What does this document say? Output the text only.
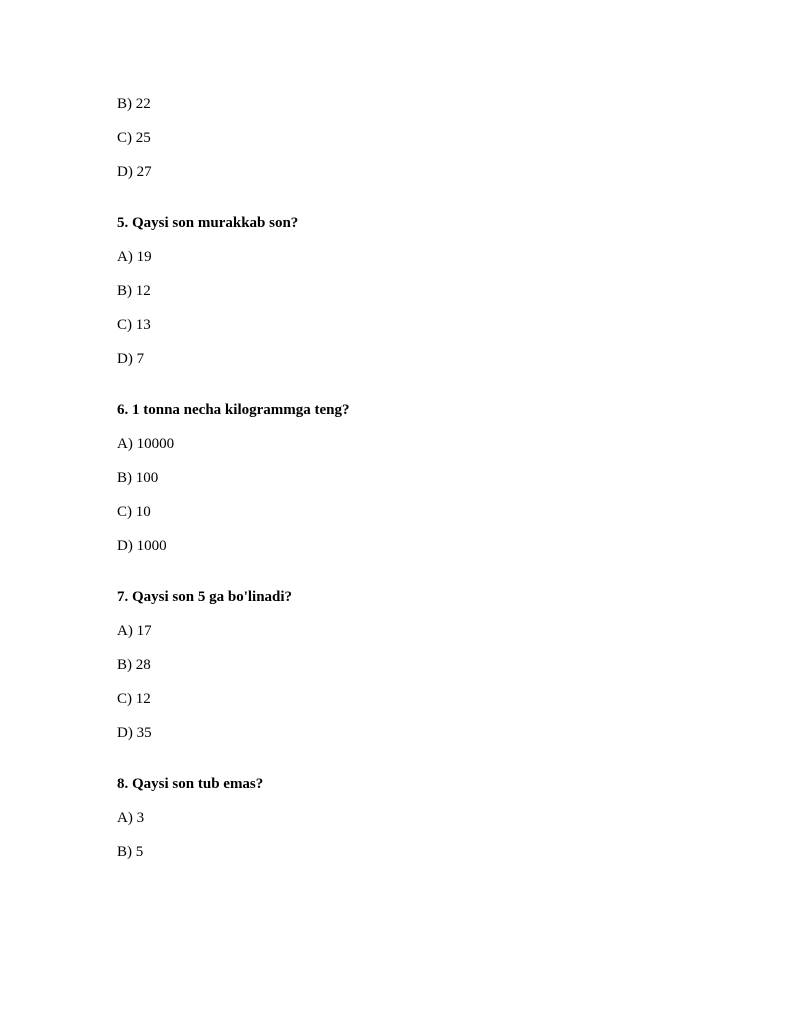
B) 22
C) 25
D) 27
5. Qaysi son murakkab son?
A) 19
B) 12
C) 13
D) 7
6. 1 tonna necha kilogrammga teng?
A) 10000
B) 100
C) 10
D) 1000
7. Qaysi son 5 ga bo'linadi?
A) 17
B) 28
C) 12
D) 35
8. Qaysi son tub emas?
A) 3
B) 5
